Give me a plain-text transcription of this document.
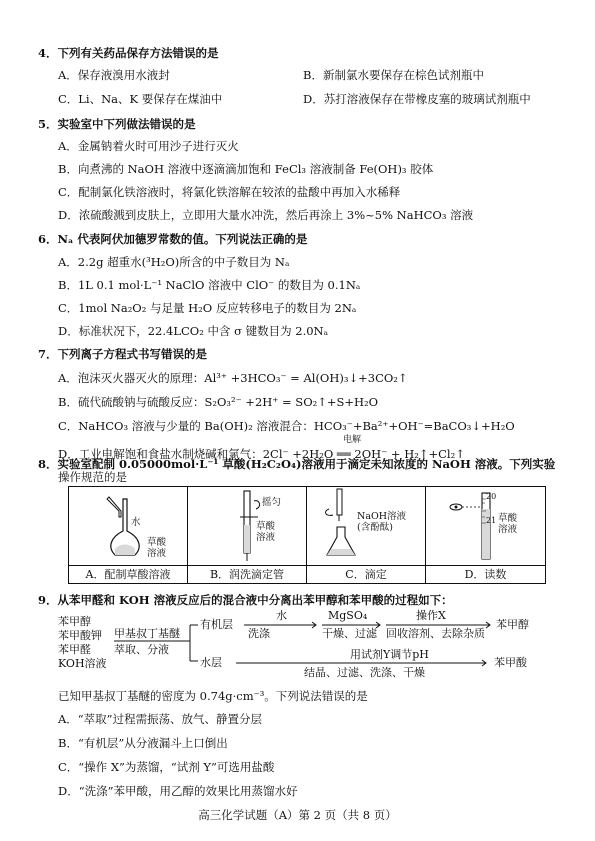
4．下列有关药品保存方法错误的是
A．保存液溴用水液封	B．新制氯水要保存在棕色试剂瓶中
C．Li、Na、K 要保存在煤油中	D．苏打溶液保存在带橡皮塞的玻璃试剂瓶中
5．实验室中下列做法错误的是
A．金属钠着火时可用沙子进行灭火
B．向煮沸的 NaOH 溶液中逐滴滴加饱和 FeCl₃ 溶液制备 Fe(OH)₃ 胶体
C．配制氯化铁溶液时，将氯化铁溶解在较浓的盐酸中再加入水稀释
D．浓硫酸溅到皮肤上，立即用大量水冲洗，然后再涂上 3%~5% NaHCO₃ 溶液
6．Nₐ 代表阿伏加德罗常数的值。下列说法正确的是
A．2.2g 超重水(³H₂O)所含的中子数目为 Nₐ
B．1L 0.1 mol·L⁻¹ NaClO 溶液中 ClO⁻ 的数目为 0.1Nₐ
C．1mol Na₂O₂ 与足量 H₂O 反应转移电子的数目为 2Nₐ
D．标准状况下，22.4LCO₂ 中含 σ 键数目为 2.0Nₐ
7．下列离子方程式书写错误的是
A．泡沫灭火器灭火的原理：Al³⁺ +3HCO₃⁻ = Al(OH)₃↓+3CO₂↑
B．硫代硫酸钠与硫酸反应：S₂O₃²⁻ +2H⁺ = SO₂↑+S+H₂O
C．NaHCO₃ 溶液与少量的 Ba(OH)₂ 溶液混合：HCO₃⁻+Ba²⁺+OH⁻=BaCO₃↓+H₂O
电解
D．工业电解饱和食盐水制烧碱和氯气：2Cl⁻ +2H₂O ══ 2OH⁻ + H₂↑+Cl₂↑
8．实验室配制 0.05000mol·L⁻¹ 草酸(H₂C₂O₄)溶液用于滴定未知浓度的 NaOH 溶液。下列实验
操作规范的是
水
草酸
溶液
A．配制草酸溶液
摇匀
草酸
溶液
B．润洗滴定管
NaOH溶液
(含酚酞)
C．滴定
20
21 草酸
溶液
D．读数
9．从苯甲醛和 KOH 溶液反应后的混合液中分离出苯甲醇和苯甲酸的过程如下：
苯甲醇
苯甲酸钾
苯甲醛
KOH溶液
甲基叔丁基醚
萃取、分液
有机层
水层
水
洗涤
MgSO₄
干燥、过滤
操作X
回收溶剂、去除杂质
苯甲醇
用试剂Y调节pH
结晶、过滤、洗涤、干燥
苯甲酸
已知甲基叔丁基醚的密度为 0.74g·cm⁻³。下列说法错误的是
A．“萃取”过程需振荡、放气、静置分层
B．“有机层”从分液漏斗上口倒出
C．“操作 X”为蒸馏，“试剂 Y”可选用盐酸
D．“洗涤”苯甲酸，用乙醇的效果比用蒸馏水好
高三化学试题（A）第 2 页（共 8 页）
